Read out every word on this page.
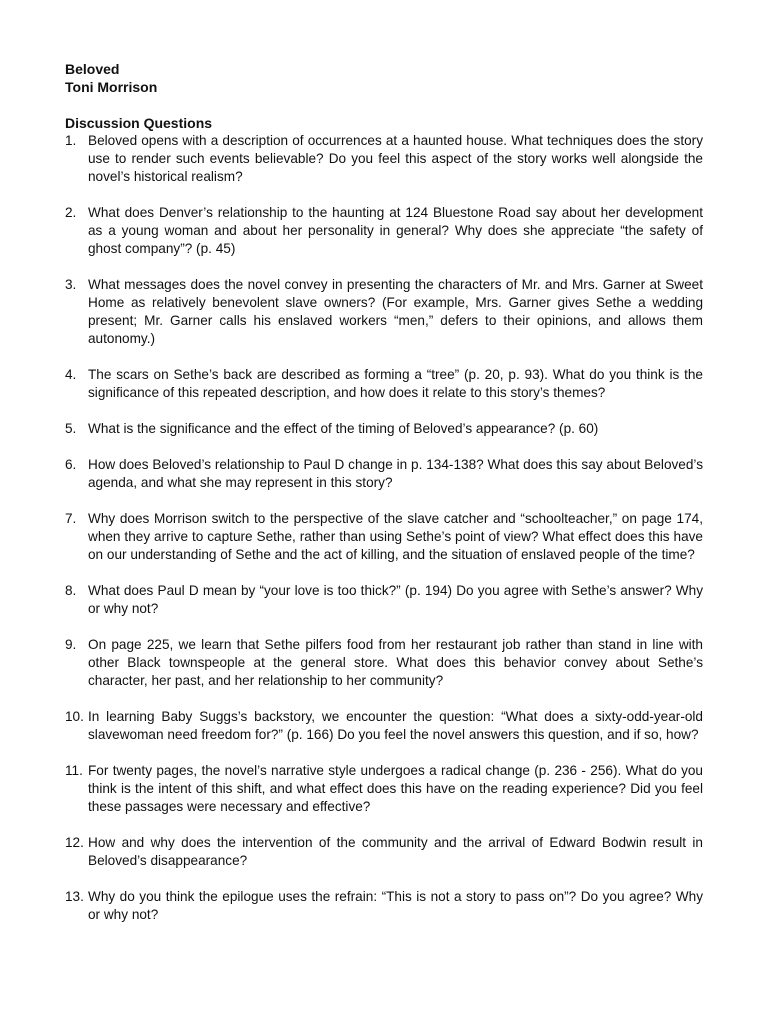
Beloved
Toni Morrison
Discussion Questions
1. Beloved opens with a description of occurrences at a haunted house. What techniques does the story use to render such events believable? Do you feel this aspect of the story works well alongside the novel’s historical realism?
2. What does Denver’s relationship to the haunting at 124 Bluestone Road say about her development as a young woman and about her personality in general? Why does she appreciate “the safety of ghost company”? (p. 45)
3. What messages does the novel convey in presenting the characters of Mr. and Mrs. Garner at Sweet Home as relatively benevolent slave owners? (For example, Mrs. Garner gives Sethe a wedding present; Mr. Garner calls his enslaved workers “men,” defers to their opinions, and allows them autonomy.)
4. The scars on Sethe’s back are described as forming a “tree” (p. 20, p. 93). What do you think is the significance of this repeated description, and how does it relate to this story’s themes?
5. What is the significance and the effect of the timing of Beloved’s appearance? (p. 60)
6. How does Beloved’s relationship to Paul D change in p. 134-138? What does this say about Beloved’s agenda, and what she may represent in this story?
7. Why does Morrison switch to the perspective of the slave catcher and “schoolteacher,” on page 174, when they arrive to capture Sethe, rather than using Sethe’s point of view? What effect does this have on our understanding of Sethe and the act of killing, and the situation of enslaved people of the time?
8. What does Paul D mean by “your love is too thick?” (p. 194) Do you agree with Sethe’s answer? Why or why not?
9. On page 225, we learn that Sethe pilfers food from her restaurant job rather than stand in line with other Black townspeople at the general store. What does this behavior convey about Sethe’s character, her past, and her relationship to her community?
10. In learning Baby Suggs’s backstory, we encounter the question: “What does a sixty-odd-year-old slavewoman need freedom for?” (p. 166) Do you feel the novel answers this question, and if so, how?
11. For twenty pages, the novel’s narrative style undergoes a radical change (p. 236 - 256). What do you think is the intent of this shift, and what effect does this have on the reading experience? Did you feel these passages were necessary and effective?
12. How and why does the intervention of the community and the arrival of Edward Bodwin result in Beloved’s disappearance?
13. Why do you think the epilogue uses the refrain: “This is not a story to pass on”? Do you agree? Why or why not?
